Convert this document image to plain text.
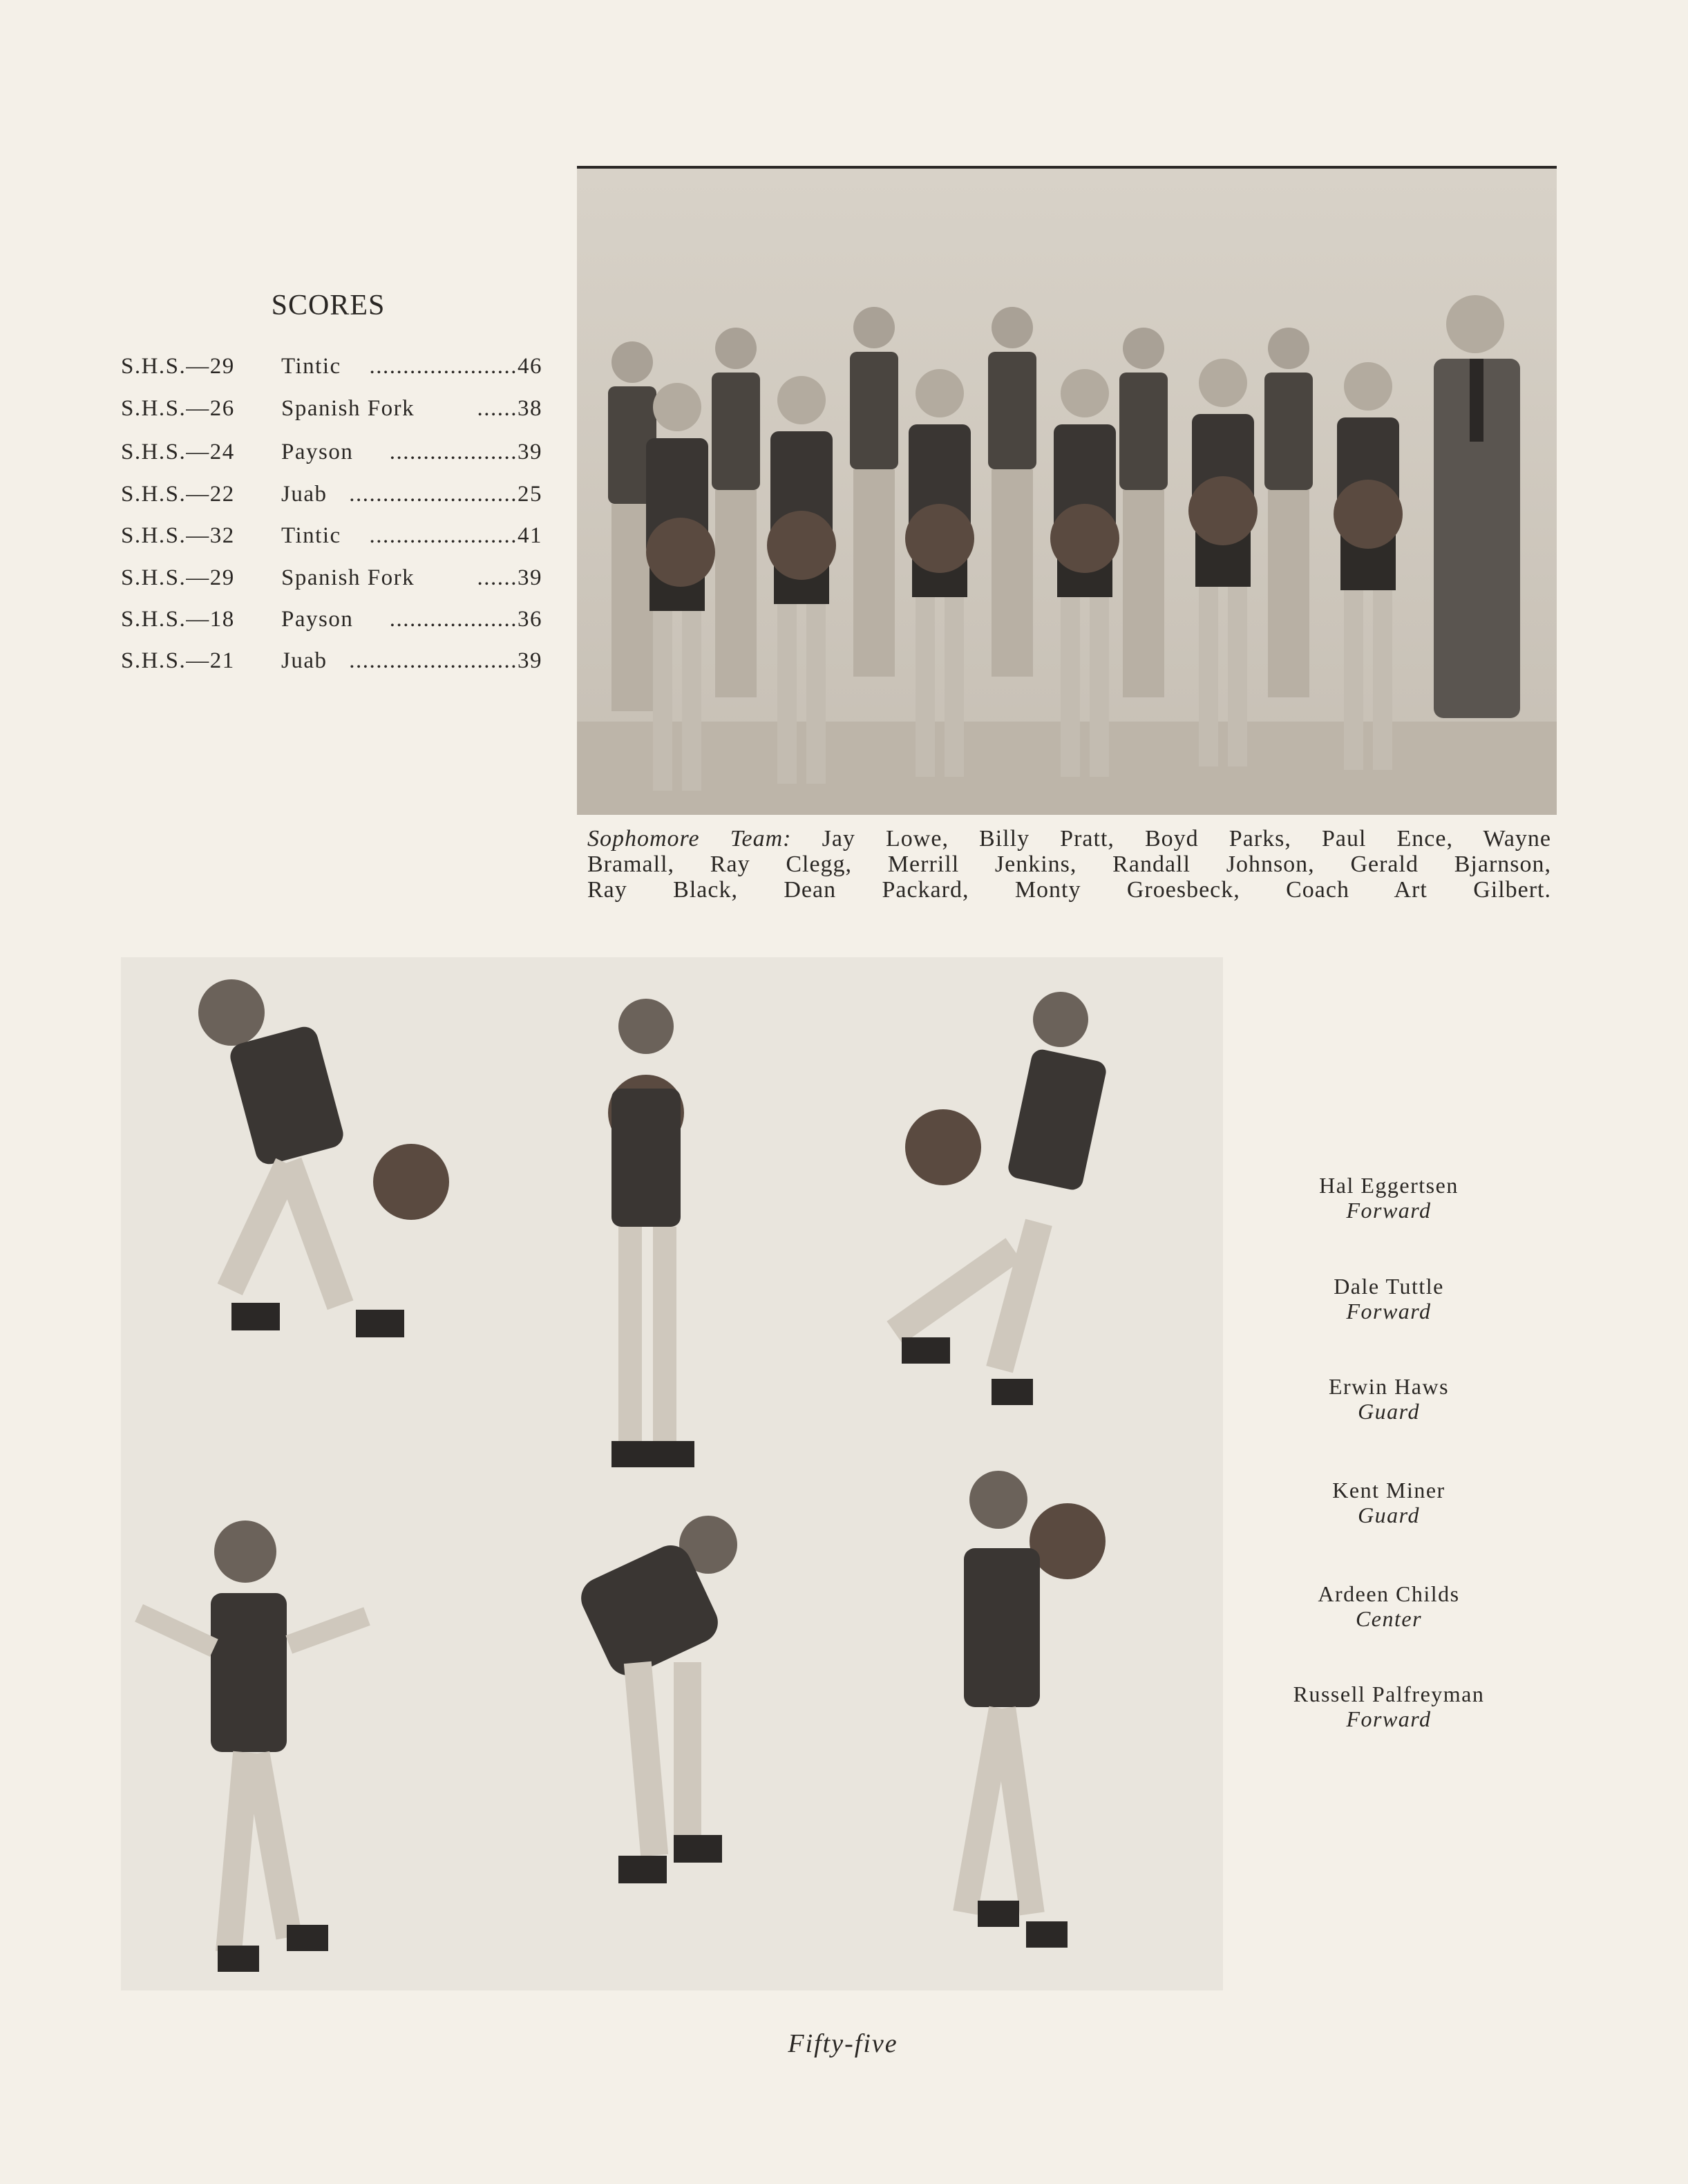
SCORES
S.H.S.—29 Tintic ......................46
S.H.S.—26 Spanish Fork	......38
S.H.S.—24 Payson ...................39
S.H.S.—22 Juab .........................25
S.H.S.—32 Tintic ......................41
S.H.S.—29 Spanish Fork	......39
S.H.S.—18 Payson ...................36
S.H.S.—21 Juab .........................39
Sophomore Team: Jay Lowe, Billy Pratt, Boyd Parks, Paul Ence, Wayne
Bramall, Ray Clegg, Merrill Jenkins, Randall Johnson, Gerald Bjarnson,
Ray Black, Dean Packard, Monty Groesbeck, Coach Art Gilbert.
Hal Eggertsen
Forward
Dale Tuttle
Forward
Erwin Haws
Guard
Kent Miner
Guard
Ardeen Childs
Center
Russell Palfreyman
Forward
Fifty-five
